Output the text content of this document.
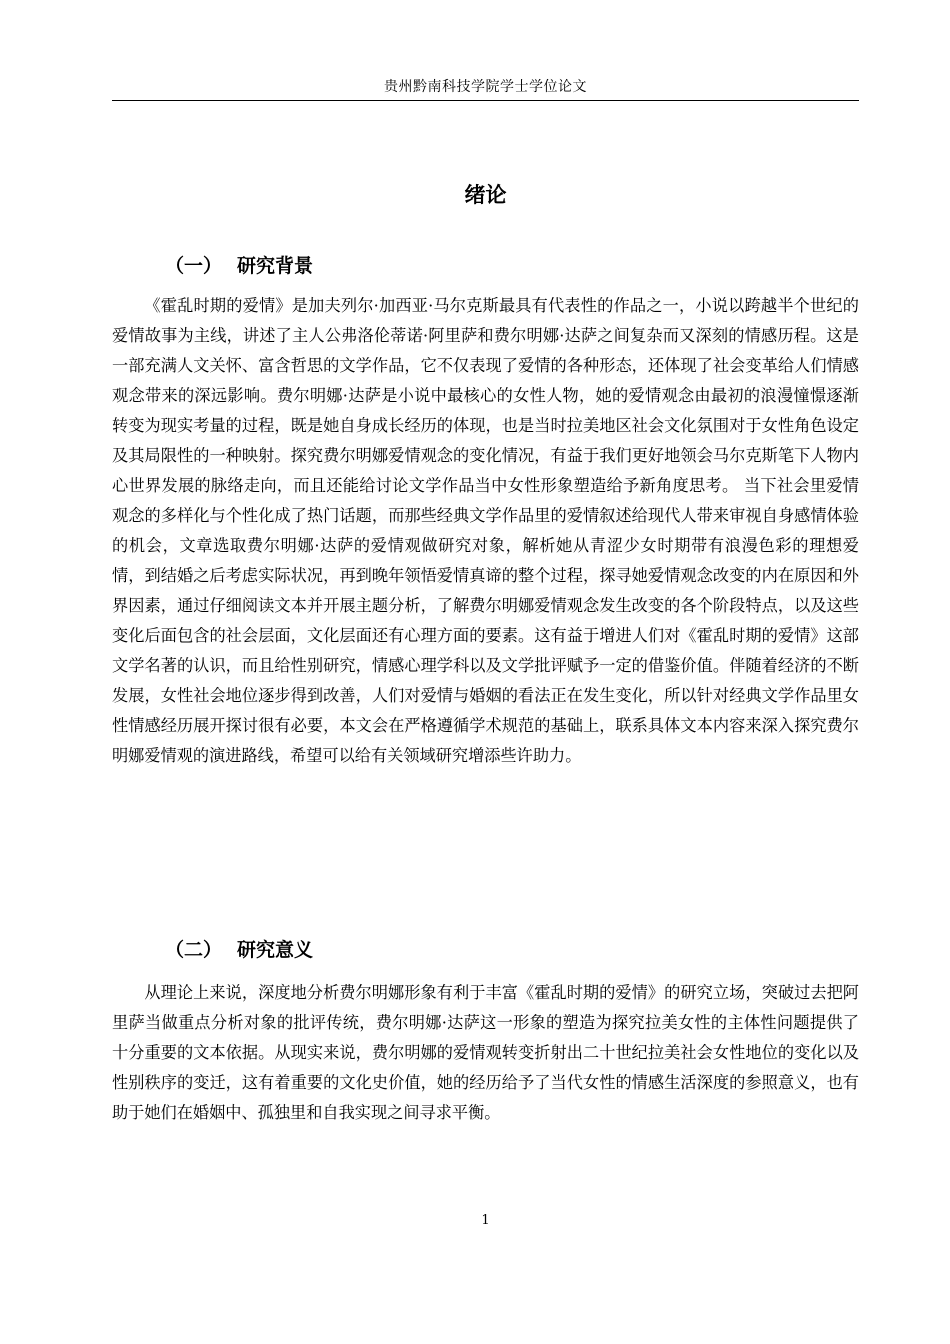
贵州黔南科技学院学士学位论文
绪论
（一） 研究背景

《霍乱时期的爱情》是加夫列尔·加西亚·马尔克斯最具有代表性的作品之一，小说以跨越半个世纪的爱情故事为主线，讲述了主人公弗洛伦蒂诺·阿里萨和费尔明娜·达萨之间复杂而又深刻的情感历程。这是一部充满人文关怀、富含哲思的文学作品，它不仅表现了爱情的各种形态，还体现了社会变革给人们情感观念带来的深远影响。费尔明娜·达萨是小说中最核心的女性人物，她的爱情观念由最初的浪漫憧憬逐渐转变为现实考量的过程，既是她自身成长经历的体现，也是当时拉美地区社会文化氛围对于女性角色设定及其局限性的一种映射。探究费尔明娜爱情观念的变化情况，有益于我们更好地领会马尔克斯笔下人物内心世界发展的脉络走向，而且还能给讨论文学作品当中女性形象塑造给予新角度思考。 当下社会里爱情观念的多样化与个性化成了热门话题，而那些经典文学作品里的爱情叙述给现代人带来审视自身感情体验的机会，文章选取费尔明娜·达萨的爱情观做研究对象，解析她从青涩少女时期带有浪漫色彩的理想爱情，到结婚之后考虑实际状况，再到晚年领悟爱情真谛的整个过程，探寻她爱情观念改变的内在原因和外界因素，通过仔细阅读文本并开展主题分析，了解费尔明娜爱情观念发生改变的各个阶段特点，以及这些变化后面包含的社会层面，文化层面还有心理方面的要素。这有益于增进人们对《霍乱时期的爱情》这部文学名著的认识，而且给性别研究，情感心理学科以及文学批评赋予一定的借鉴价值。伴随着经济的不断发展，女性社会地位逐步得到改善，人们对爱情与婚姻的看法正在发生变化，所以针对经典文学作品里女性情感经历展开探讨很有必要，本文会在严格遵循学术规范的基础上，联系具体文本内容来深入探究费尔明娜爱情观的演进路线，希望可以给有关领域研究增添些许助力。

（二） 研究意义

从理论上来说，深度地分析费尔明娜形象有利于丰富《霍乱时期的爱情》的研究立场，突破过去把阿里萨当做重点分析对象的批评传统，费尔明娜·达萨这一形象的塑造为探究拉美女性的主体性问题提供了十分重要的文本依据。从现实来说，费尔明娜的爱情观转变折射出二十世纪拉美社会女性地位的变化以及性别秩序的变迁，这有着重要的文化史价值，她的经历给予了当代女性的情感生活深度的参照意义，也有助于她们在婚姻中、孤独里和自我实现之间寻求平衡。

1
